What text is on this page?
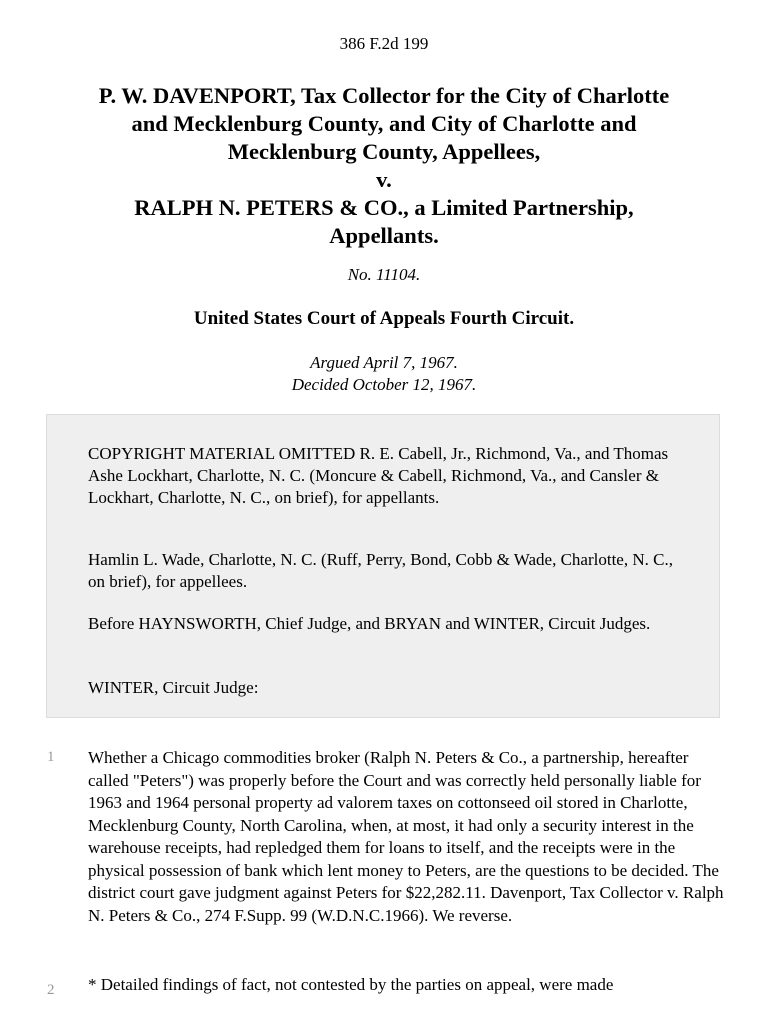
386 F.2d 199
P. W. DAVENPORT, Tax Collector for the City of Charlotte
and Mecklenburg County, and City of Charlotte and
Mecklenburg County, Appellees,
v.
RALPH N. PETERS & CO., a Limited Partnership,
Appellants.
No. 11104.
United States Court of Appeals Fourth Circuit.
Argued April 7, 1967.
Decided October 12, 1967.

COPYRIGHT MATERIAL OMITTED R. E. Cabell, Jr., Richmond, Va., and Thomas Ashe Lockhart, Charlotte, N. C. (Moncure & Cabell, Richmond, Va., and Cansler & Lockhart, Charlotte, N. C., on brief), for appellants.

Hamlin L. Wade, Charlotte, N. C. (Ruff, Perry, Bond, Cobb & Wade, Charlotte, N. C., on brief), for appellees.

Before HAYNSWORTH, Chief Judge, and BRYAN and WINTER, Circuit Judges.

WINTER, Circuit Judge:

1 Whether a Chicago commodities broker (Ralph N. Peters & Co., a partnership, hereafter called "Peters") was properly before the Court and was correctly held personally liable for 1963 and 1964 personal property ad valorem taxes on cottonseed oil stored in Charlotte, Mecklenburg County, North Carolina, when, at most, it had only a security interest in the warehouse receipts, had repledged them for loans to itself, and the receipts were in the physical possession of bank which lent money to Peters, are the questions to be decided. The district court gave judgment against Peters for $22,282.11. Davenport, Tax Collector v. Ralph N. Peters & Co., 274 F.Supp. 99 (W.D.N.C.1966). We reverse.

2 * Detailed findings of fact, not contested by the parties on appeal, were made
